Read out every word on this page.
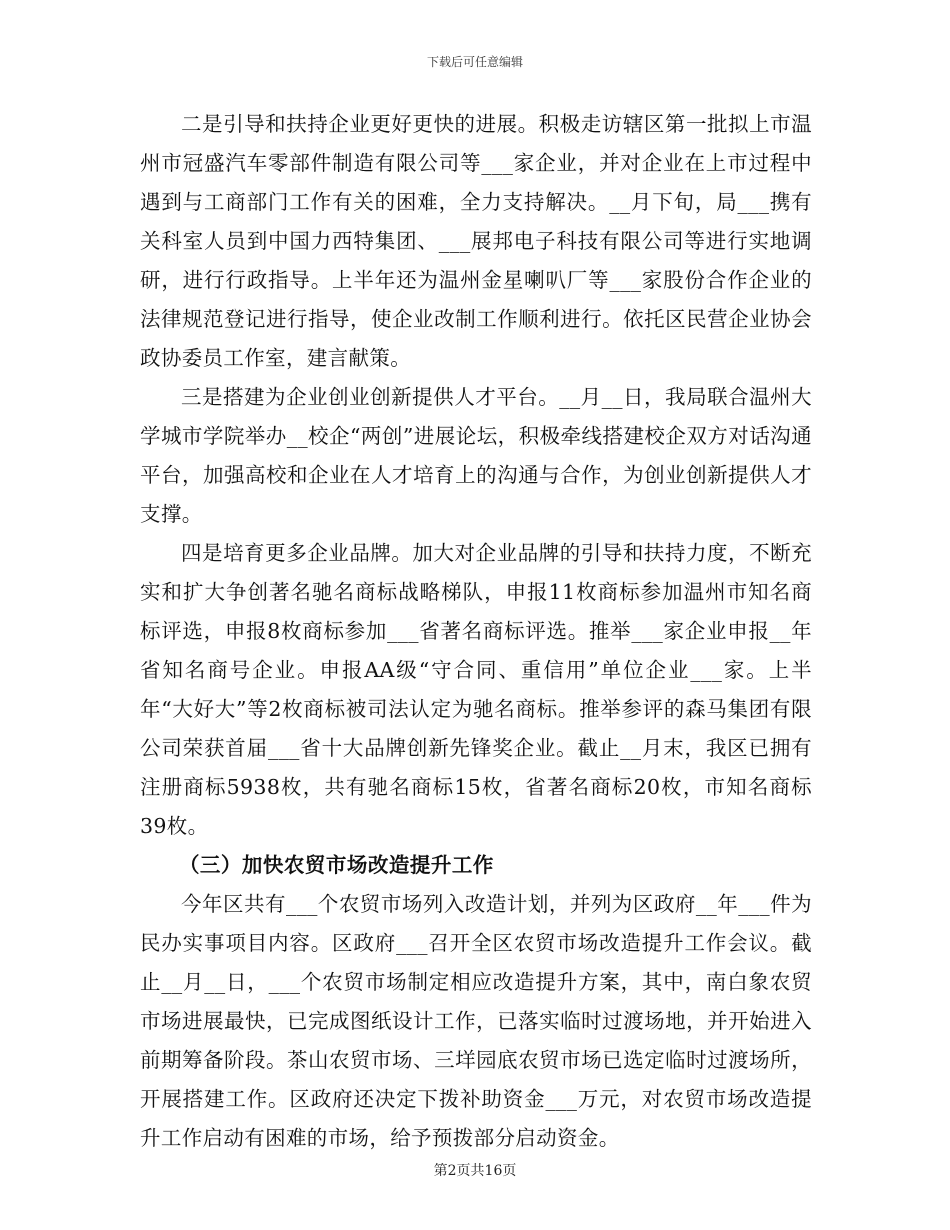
下载后可任意编辑

二是引导和扶持企业更好更快的进展。积极走访辖区第一批拟上市温州市冠盛汽车零部件制造有限公司等___家企业，并对企业在上市过程中遇到与工商部门工作有关的困难，全力支持解决。__月下旬，局___携有关科室人员到中国力西特集团、___展邦电子科技有限公司等进行实地调研，进行行政指导。上半年还为温州金星喇叭厂等___家股份合作企业的法律规范登记进行指导，使企业改制工作顺利进行。依托区民营企业协会政协委员工作室，建言献策。

三是搭建为企业创业创新提供人才平台。__月__日，我局联合温州大学城市学院举办__校企“两创”进展论坛，积极牵线搭建校企双方对话沟通平台，加强高校和企业在人才培育上的沟通与合作，为创业创新提供人才支撑。

四是培育更多企业品牌。加大对企业品牌的引导和扶持力度，不断充实和扩大争创著名驰名商标战略梯队，申报11枚商标参加温州市知名商标评选，申报8枚商标参加___省著名商标评选。推举___家企业申报__年省知名商号企业。申报AA级“守合同、重信用”单位企业___家。上半年“大好大”等2枚商标被司法认定为驰名商标。推举参评的森马集团有限公司荣获首届___省十大品牌创新先锋奖企业。截止__月末，我区已拥有注册商标5938枚，共有驰名商标15枚，省著名商标20枚，市知名商标39枚。

（三）加快农贸市场改造提升工作

今年区共有___个农贸市场列入改造计划，并列为区政府__年___件为民办实事项目内容。区政府___召开全区农贸市场改造提升工作会议。截止__月__日，___个农贸市场制定相应改造提升方案，其中，南白象农贸市场进展最快，已完成图纸设计工作，已落实临时过渡场地，并开始进入前期筹备阶段。茶山农贸市场、三垟园底农贸市场已选定临时过渡场所，开展搭建工作。区政府还决定下拨补助资金___万元，对农贸市场改造提升工作启动有困难的市场，给予预拨部分启动资金。

第2页共16页
